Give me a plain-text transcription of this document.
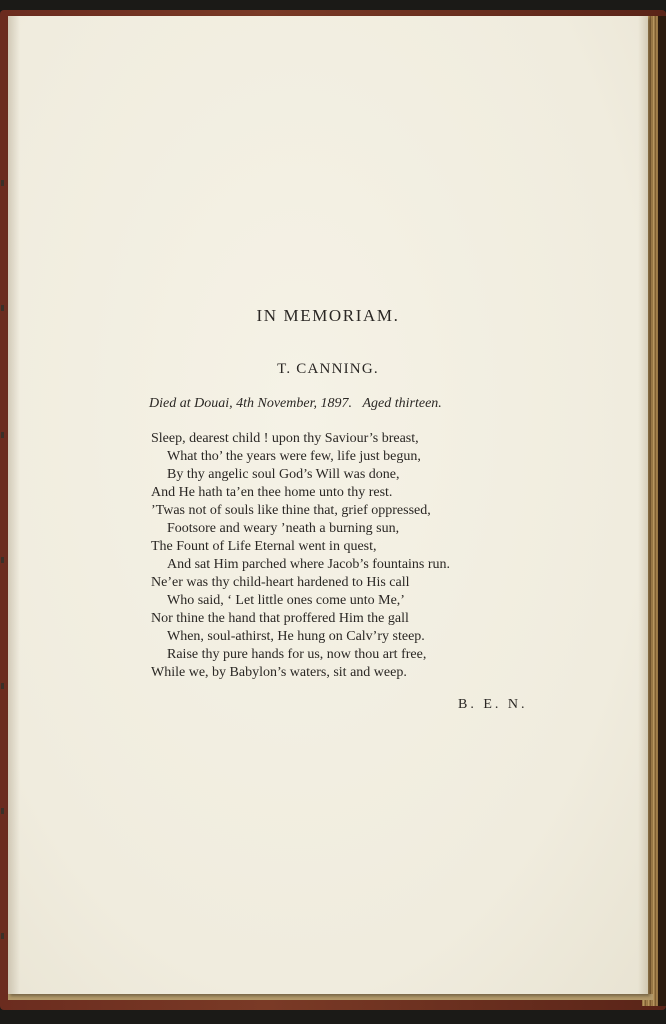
IN MEMORIAM.
T. CANNING.
Died at Douai, 4th November, 1897. Aged thirteen.
Sleep, dearest child ! upon thy Saviour’s breast,
What tho’ the years were few, life just begun,
By thy angelic soul God’s Will was done,
And He hath ta’en thee home unto thy rest.
’Twas not of souls like thine that, grief oppressed,
Footsore and weary ’neath a burning sun,
The Fount of Life Eternal went in quest,
And sat Him parched where Jacob’s fountains run.
Ne’er was thy child-heart hardened to His call
Who said, ‘ Let little ones come unto Me,’
Nor thine the hand that proffered Him the gall
When, soul-athirst, He hung on Calv’ry steep.
Raise thy pure hands for us, now thou art free,
While we, by Babylon’s waters, sit and weep.
B. E. N.
